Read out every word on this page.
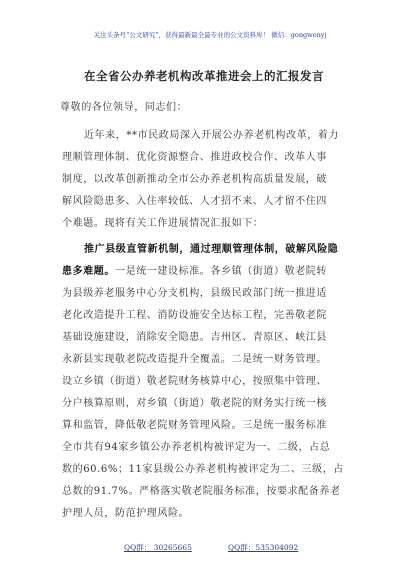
关注头条号“公文研究”，获得最新最全最专业的公文资料库！ 微信：gongwenyj
在全省公办养老机构改革推进会上的汇报发言
尊敬的各位领导，同志们：
近年来，**市民政局深入开展公办养老机构改革，着力
理顺管理体制、优化资源整合、推进政校合作、改革人事
制度，以改革创新推动全市公办养老机构高质量发展，破
解风险隐患多、入住率较低、人才招不来、人才留不住四
个难题。现将有关工作进展情况汇报如下：
推广县级直管新机制，通过理顺管理体制，破解风险隐
患多难题。一是统一建设标准。各乡镇（街道）敬老院转
为县级养老服务中心分支机构，县级民政部门统一推进适
老化改造提升工程、消防设施安全达标工程，完善敬老院
基础设施建设，消除安全隐患。吉州区、青原区、峡江县
永新县实现敬老院改造提升全覆盖。二是统一财务管理。
设立乡镇（街道）敬老院财务核算中心，按照集中管理、
分户核算原则，对乡镇（街道）敬老院的财务实行统一核
算和监管，降低敬老院财务管理风险。三是统一服务标准
全市共有94家乡镇公办养老机构被评定为一、二级，占总
数的60.6%；11家县级公办养老机构被评定为二、三级，占
总数的91.7%。严格落实敬老院服务标准，按要求配备养老
护理人员，防范护理风险。
QQ群： 30265665	QQ群：535304092
